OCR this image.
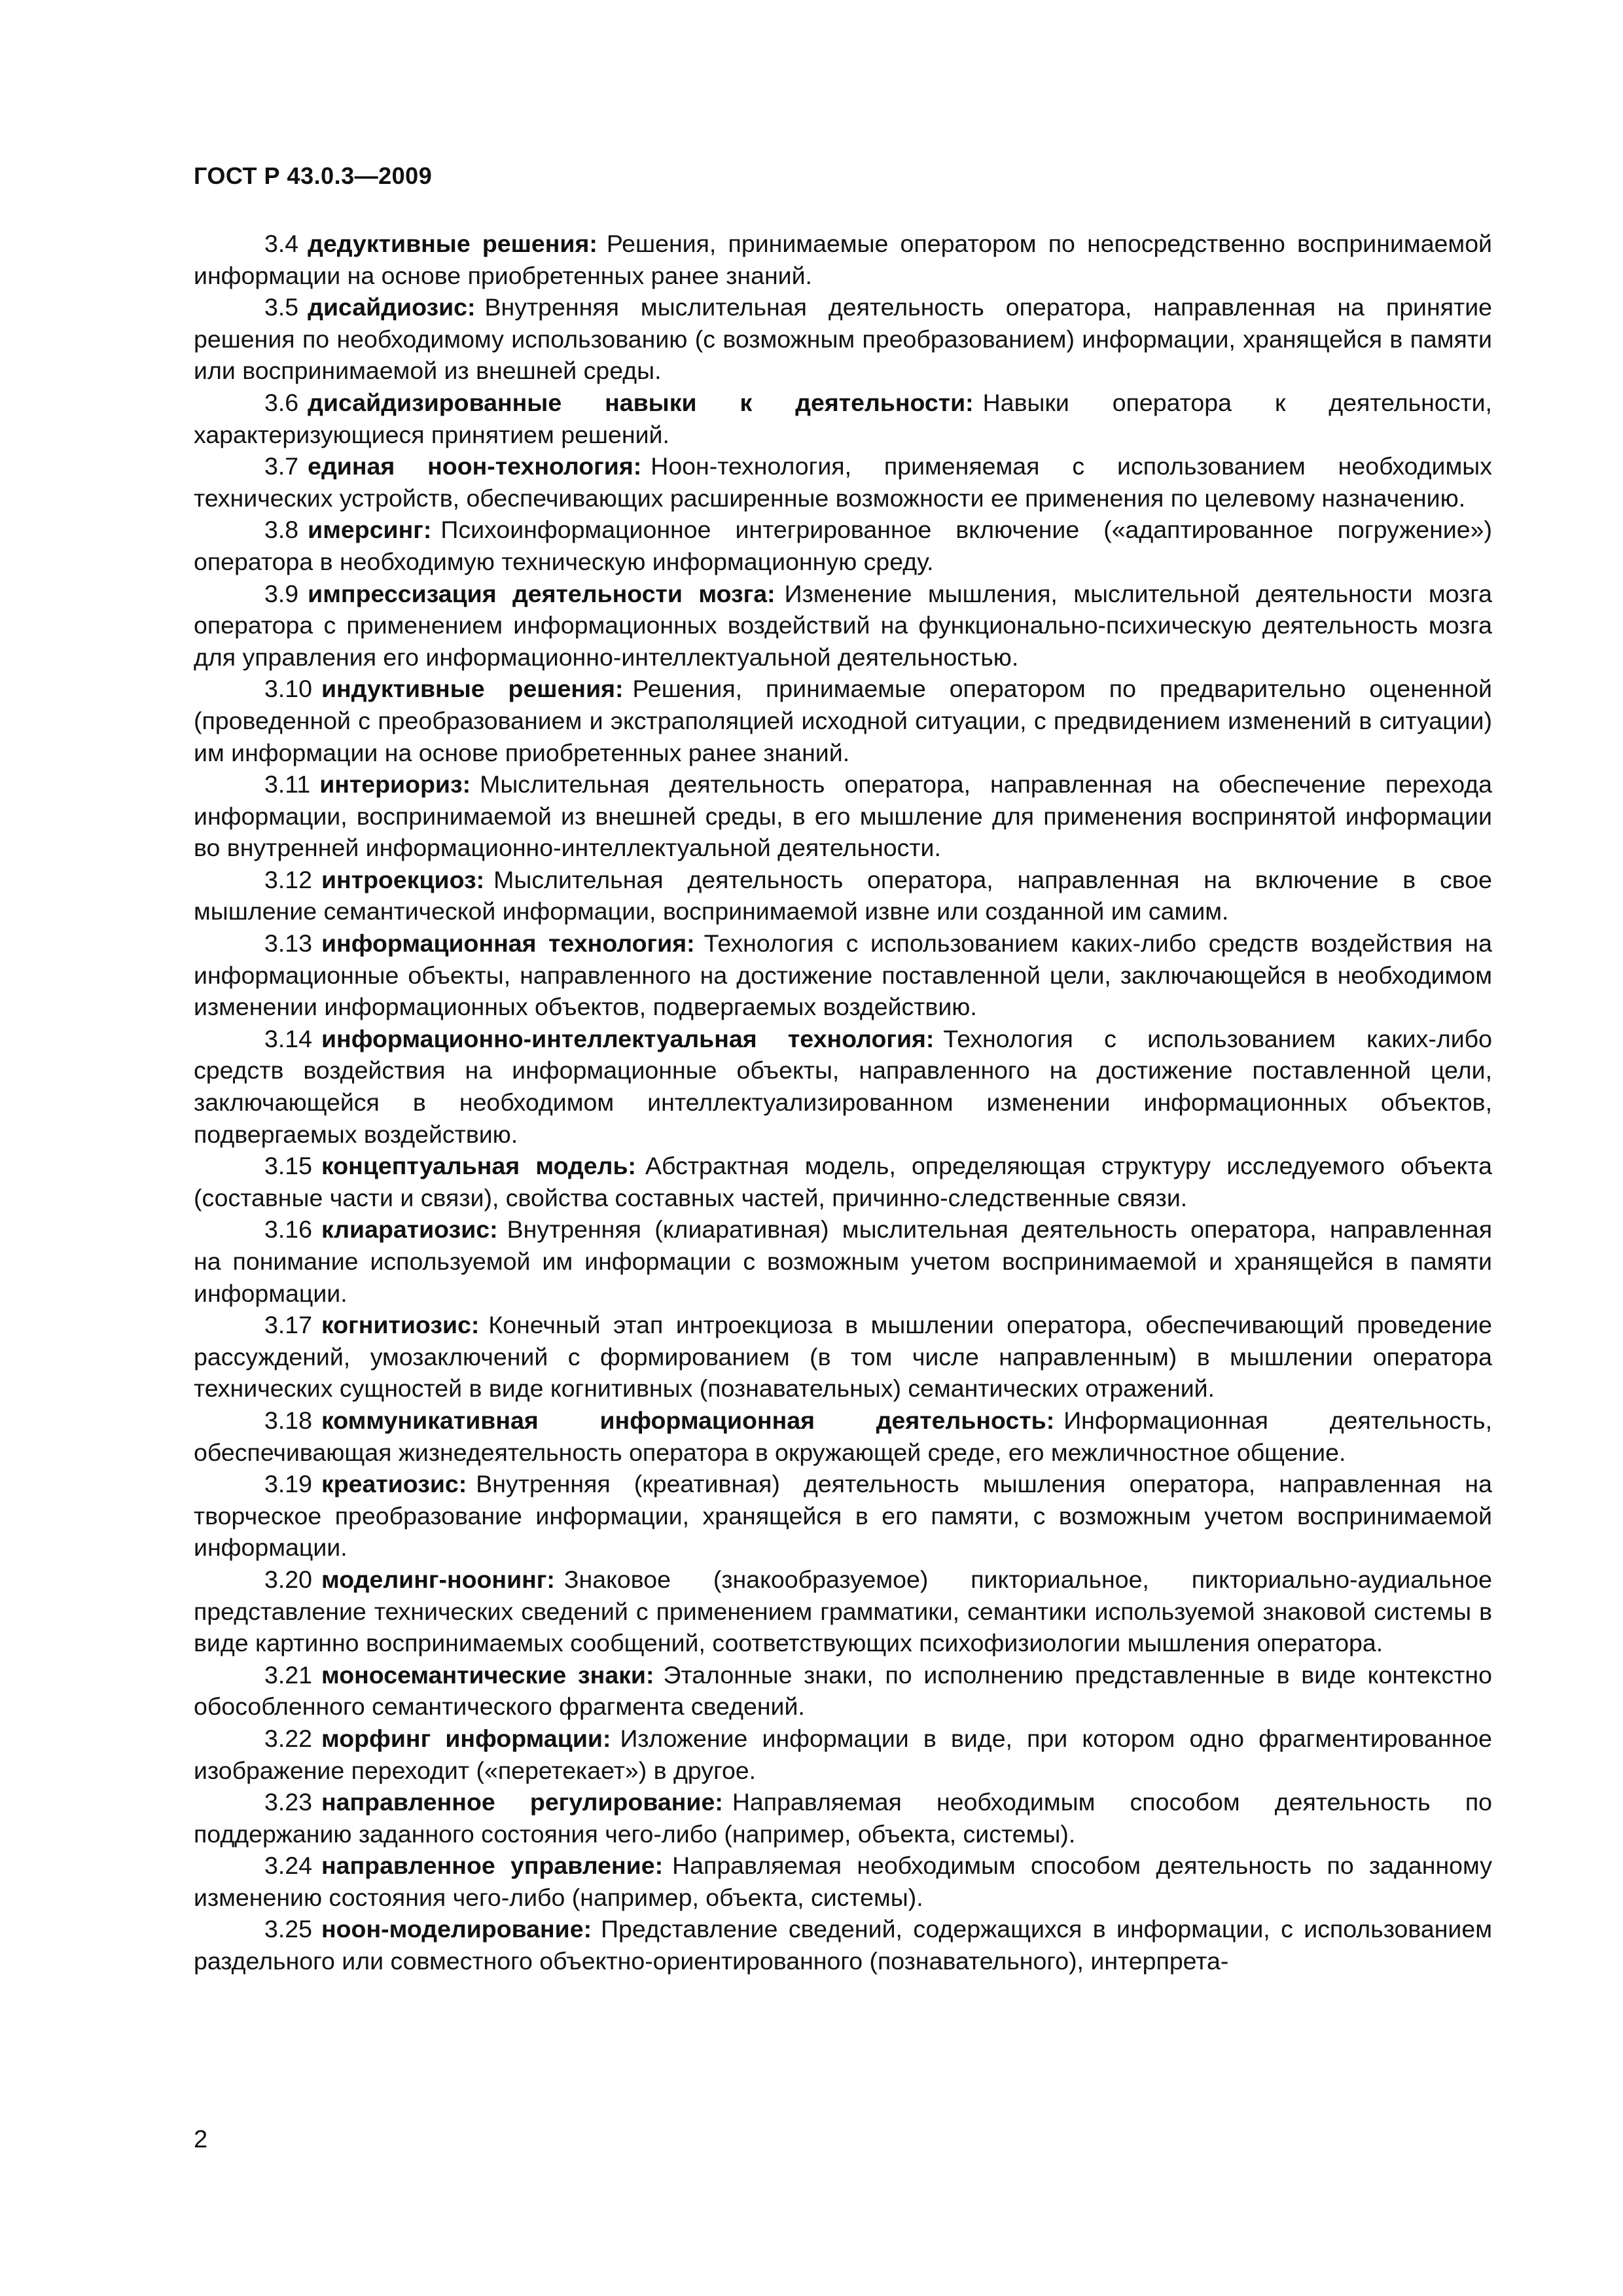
ГОСТ Р 43.0.3—2009

3.4 дедуктивные решения: Решения, принимаемые оператором по непосредственно воспринимаемой информации на основе приобретенных ранее знаний.

3.5 дисайдиозис: Внутренняя мыслительная деятельность оператора, направленная на принятие решения по необходимому использованию (с возможным преобразованием) информации, хранящейся в памяти или воспринимаемой из внешней среды.

3.6 дисайдизированные навыки к деятельности: Навыки оператора к деятельности, характеризующиеся принятием решений.

3.7 единая ноон-технология: Ноон-технология, применяемая с использованием необходимых технических устройств, обеспечивающих расширенные возможности ее применения по целевому назначению.

3.8 имерсинг: Психоинформационное интегрированное включение («адаптированное погружение») оператора в необходимую техническую информационную среду.

3.9 импрессизация деятельности мозга: Изменение мышления, мыслительной деятельности мозга оператора с применением информационных воздействий на функционально-психическую деятельность мозга для управления его информационно-интеллектуальной деятельностью.

3.10 индуктивные решения: Решения, принимаемые оператором по предварительно оцененной (проведенной с преобразованием и экстраполяцией исходной ситуации, с предвидением изменений в ситуации) им информации на основе приобретенных ранее знаний.

3.11 интериориз: Мыслительная деятельность оператора, направленная на обеспечение перехода информации, воспринимаемой из внешней среды, в его мышление для применения воспринятой информации во внутренней информационно-интеллектуальной деятельности.

3.12 интроекциоз: Мыслительная деятельность оператора, направленная на включение в свое мышление семантической информации, воспринимаемой извне или созданной им самим.

3.13 информационная технология: Технология с использованием каких-либо средств воздействия на информационные объекты, направленного на достижение поставленной цели, заключающейся в необходимом изменении информационных объектов, подвергаемых воздействию.

3.14 информационно-интеллектуальная технология: Технология с использованием каких-либо средств воздействия на информационные объекты, направленного на достижение поставленной цели, заключающейся в необходимом интеллектуализированном изменении информационных объектов, подвергаемых воздействию.

3.15 концептуальная модель: Абстрактная модель, определяющая структуру исследуемого объекта (составные части и связи), свойства составных частей, причинно-следственные связи.

3.16 клиаратиозис: Внутренняя (клиаративная) мыслительная деятельность оператора, направленная на понимание используемой им информации с возможным учетом воспринимаемой и хранящейся в памяти информации.

3.17 когнитиозис: Конечный этап интроекциоза в мышлении оператора, обеспечивающий проведение рассуждений, умозаключений с формированием (в том числе направленным) в мышлении оператора технических сущностей в виде когнитивных (познавательных) семантических отражений.

3.18 коммуникативная информационная деятельность: Информационная деятельность, обеспечивающая жизнедеятельность оператора в окружающей среде, его межличностное общение.

3.19 креатиозис: Внутренняя (креативная) деятельность мышления оператора, направленная на творческое преобразование информации, хранящейся в его памяти, с возможным учетом воспринимаемой информации.

3.20 моделинг-ноонинг: Знаковое (знакообразуемое) пикториальное, пикториально-аудиальное представление технических сведений с применением грамматики, семантики используемой знаковой системы в виде картинно воспринимаемых сообщений, соответствующих психофизиологии мышления оператора.

3.21 моносемантические знаки: Эталонные знаки, по исполнению представленные в виде контекстно обособленного семантического фрагмента сведений.

3.22 морфинг информации: Изложение информации в виде, при котором одно фрагментированное изображение переходит («перетекает») в другое.

3.23 направленное регулирование: Направляемая необходимым способом деятельность по поддержанию заданного состояния чего-либо (например, объекта, системы).

3.24 направленное управление: Направляемая необходимым способом деятельность по заданному изменению состояния чего-либо (например, объекта, системы).

3.25 ноон-моделирование: Представление сведений, содержащихся в информации, с использованием раздельного или совместного объектно-ориентированного (познавательного), интерпрета-

2
